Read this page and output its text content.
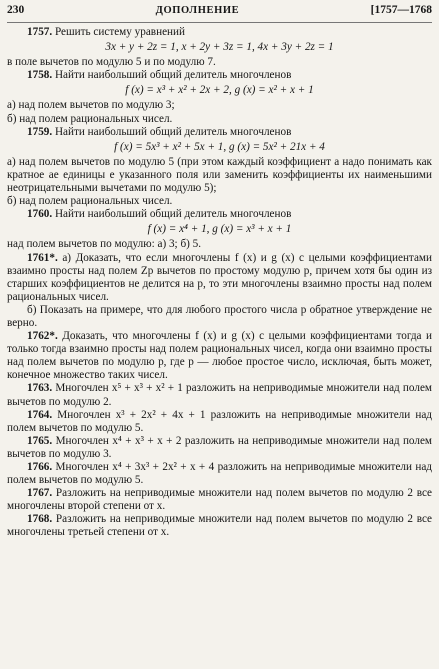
230	ДОПОЛНЕНИЕ	[1757—1768

1757. Решить систему уравнений

3x + y + 2z = 1, x + 2y + 3z = 1, 4x + 3y + 2z = 1

в поле вычетов по модулю 5 и по модулю 7.

1758. Найти наибольший общий делитель многочленов

f (x) = x³ + x² + 2x + 2, g (x) = x² + x + 1

а) над полем вычетов по модулю 3;

б) над полем рациональных чисел.

1759. Найти наибольший общий делитель многочленов

f (x) = 5x³ + x² + 5x + 1, g (x) = 5x² + 21x + 4

а) над полем вычетов по модулю 5 (при этом каждый коэффициент a надо понимать как кратное ae единицы e указанного поля или заменить коэффициенты их наименьшими неотрицательными вычетами по модулю 5);

б) над полем рациональных чисел.

1760. Найти наибольший общий делитель многочленов

f (x) = x⁴ + 1, g (x) = x³ + x + 1

над полем вычетов по модулю: а) 3; б) 5.

1761*. а) Доказать, что если многочлены f (x) и g (x) с целыми коэффициентами взаимно просты над полем Zp вычетов по простому модулю p, причем хотя бы один из старших коэффициентов не делится на p, то эти многочлены взаимно просты над полем рациональных чисел.

б) Показать на примере, что для любого простого числа p обратное утверждение не верно.

1762*. Доказать, что многочлены f (x) и g (x) с целыми коэффициентами тогда и только тогда взаимно просты над полем рациональных чисел, когда они взаимно просты над полем вычетов по модулю p, где p — любое простое число, исключая, быть может, конечное множество таких чисел.

1763. Многочлен x⁵ + x³ + x² + 1 разложить на неприводимые множители над полем вычетов по модулю 2.

1764. Многочлен x³ + 2x² + 4x + 1 разложить на неприводимые множители над полем вычетов по модулю 5.

1765. Многочлен x⁴ + x³ + x + 2 разложить на неприводимые множители над полем вычетов по модулю 3.

1766. Многочлен x⁴ + 3x³ + 2x² + x + 4 разложить на неприводимые множители над полем вычетов по модулю 5.

1767. Разложить на неприводимые множители над полем вычетов по модулю 2 все многочлены второй степени от x.

1768. Разложить на неприводимые множители над полем вычетов по модулю 2 все многочлены третьей степени от x.
